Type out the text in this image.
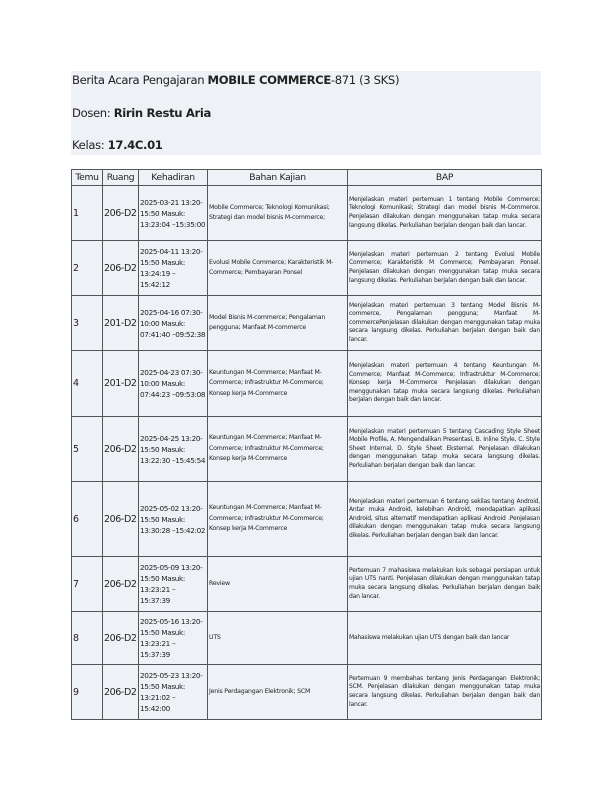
Berita Acara Pengajaran MOBILE COMMERCE-871 (3 SKS)
Dosen: Ririn Restu Aria
Kelas: 17.4C.01
Temu	Ruang	Kehadiran	Bahan Kajian	BAP
1	206-D2	2025-03-21 13:20-15:50 Masuk: 13:23:04 –15:35:00	Mobile Commerce; Teknologi Komunikasi; Strategi dan model bisnis M-commerce;	Menjelaskan materi pertemuan 1 tentang Mobile Commerce; Teknologi Komunikasi; Strategi dan model bisnis M-Commerce. Penjelasan dilakukan dengan menggunakan tatap muka secara langsung dikelas. Perkuliahan berjalan dengan baik dan lancar.
2	206-D2	2025-04-11 13:20-15:50 Masuk: 13:24:19 – 15:42:12	Evolusi Mobile Commerce; Karakteristik M-Commerce; Pembayaran Ponsel	Menjelaskan materi pertemuan 2 tentang Evolusi Mobile Commerce; Karakteristik M Commerce; Pembayaran Ponsel. Penjelasan dilakukan dengan menggunakan tatap muka secara langsung dikelas. Perkuliahan berjalan dengan baik dan lancar.
3	201-D2	2025-04-16 07:30-10:00 Masuk: 07:41:40 –09:52:38	Model Bisnis M-commerce; Pengalaman pengguna; Manfaat M-commerce	Menjelaskan materi pertemuan 3 tentang Model Bisnis M-commerce, Pengalaman pengguna; Manfaat M-commercePenjelasan dilakukan dengan menggunakan tatap muka secara langsung dikelas. Perkuliahan berjalan dengan baik dan lancar.
4	201-D2	2025-04-23 07:30-10:00 Masuk: 07:44:23 –09:53:08	Keuntungan M-Commerce; Manfaat M-Commerce; Infrastruktur M-Commerce; Konsep kerja M-Commerce	Menjelaskan materi pertemuan 4 tentang Keuntungan M-Commerce; Manfaat M-Commerce; Infrastruktur M-Commerce; Konsep kerja M-Commerce Penjelasan dilakukan dengan menggunakan tatap muka secara langsung dikelas. Perkuliahan berjalan dengan baik dan lancar.
5	206-D2	2025-04-25 13:20-15:50 Masuk: 13:22:30 –15:45:54	Keuntungan M-Commerce; Manfaat M-Commerce; Infrastruktur M-Commerce; Konsep kerja M-Commerce	Menjelaskan materi pertemuan 5 tentang Cascading Style Sheet Mobile Profile, A. Mengendalikan Presentasi, B. Inline Style, C. Style Sheet Internal, D. Style Sheet Eksternal. Penjelasan dilakukan dengan menggunakan tatap muka secara langsung dikelas. Perkuliahan berjalan dengan baik dan lancar.
6	206-D2	2025-05-02 13:20-15:50 Masuk: 13:30:28 –15:42:02	Keuntungan M-Commerce; Manfaat M-Commerce; Infrastruktur M-Commerce; Konsep kerja M-Commerce	Menjelaskan materi pertemuan 6 tentang sekilas tentang Android, Antar muka Android, kelebihan Android, mendapatkan aplikasi Android, situs alternatif mendapatkan aplikasi Android .Penjelasan dilakukan dengan menggunakan tatap muka secara langsung dikelas. Perkuliahan berjalan dengan baik dan lancar.
7	206-D2	2025-05-09 13:20-15:50 Masuk: 13:23:21 – 15:37:39	Review	Pertemuan 7 mahasiswa melakukan kuis sebagai persiapan untuk ujian UTS nanti. Penjelasan dilakukan dengan menggunakan tatap muka secara langsung dikelas. Perkuliahan berjalan dengan baik dan lancar.
8	206-D2	2025-05-16 13:20-15:50 Masuk: 13:23:21 – 15:37:39	UTS	Mahasiswa melakukan ujian UTS dengan baik dan lancar
9	206-D2	2025-05-23 13:20-15:50 Masuk: 13:21:02 – 15:42:00	Jenis Perdagangan Elektronik; SCM	Pertemuan 9 membahas tentang Jenis Perdagangan Elektronik; SCM. Penjelasan dilakukan dengan menggunakan tatap muka secara langsung dikelas. Perkuliahan berjalan dengan baik dan lancar.
